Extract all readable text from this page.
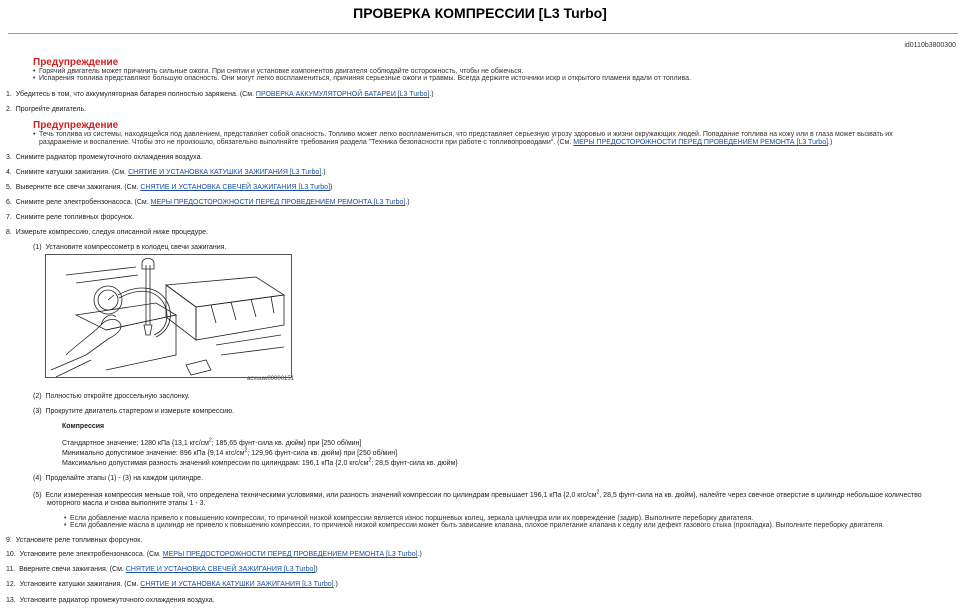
ПРОВЕРКА КОМПРЕССИИ [L3 Turbo]
id0110b3800300
Предупреждение
• Горячий двигатель может причинить сильные ожоги. При снятии и установке компонентов двигателя соблюдайте осторожность, чтобы не обжечься.
• Испарения топлива представляют большую опасность. Они могут легко воспламениться, причиняя серьезные ожоги и травмы. Всегда держите источники искр и открытого пламени вдали от топлива.
1. Убедитесь в том, что аккумуляторная батарея полностью заряжена. (См. ПРОВЕРКА АККУМУЛЯТОРНОЙ БАТАРЕИ [L3 Turbo].)
2. Прогрейте двигатель.
Предупреждение
• Течь топлива из системы, находящейся под давлением, представляет собой опасность. Топливо может легко воспламениться, что представляет серьезную угрозу здоровью и жизни окружающих людей. Попадание топлива на кожу или в глаза может вызвать их
раздражение и воспаление. Чтобы это не произошло, обязательно выполняйте требования раздела "Техника безопасности при работе с топливопроводами". (См. МЕРЫ ПРЕДОСТОРОЖНОСТИ ПЕРЕД ПРОВЕДЕНИЕМ РЕМОНТА [L3 Turbo].)
3. Снимите радиатор промежуточного охлаждения воздуха.
4. Снимите катушки зажигания. (См. СНЯТИЕ И УСТАНОВКА КАТУШКИ ЗАЖИГАНИЯ [L3 Turbo].)
5. Выверните все свечи зажигания. (См. СНЯТИЕ И УСТАНОВКА СВЕЧЕЙ ЗАЖИГАНИЯ [L3 Turbo])
6. Снимите реле электробензонасоса. (См. МЕРЫ ПРЕДОСТОРОЖНОСТИ ПЕРЕД ПРОВЕДЕНИЕМ РЕМОНТА [L3 Turbo].)
7. Снимите реле топливных форсунок.
8. Измерьте компрессию, следуя описанной ниже процедуре.
(1) Установите компрессометр в колодец свечи зажигания.
acxuuw00000151
(2) Полностью откройте дроссельную заслонку.
(3) Прокрутите двигатель стартером и измерьте компрессию.
Компрессия
Стандартное значение: 1280 кПа {13,1 кгс/$см^2$; 185,65 фунт-сила кв. дюйм} при [250 об/мин]
Минимально допустимое значение: 896 кПа {9,14 кгс/$см^2$; 129,96 фунт-сила кв. дюйм} при [250 об/мин]
Максимально допустимая разность значений компрессии по цилиндрам: 196,1 кПа {2,0 кгс/$см^2$; 28,5 фунт-сила кв. дюйм}
(4) Проделайте этапы (1) - (3) на каждом цилиндре.
(5) Если измеренная компрессия меньше той, что определена техническими условиями, или разность значений компрессии по цилиндрам превышает 196,1 кПа {2,0 кгс/$см^2$, 28,5 фунт-сила на кв. дюйм}, налейте через свечное отверстие в цилиндр небольшое количество
моторного масла и снова выполните этапы 1 - 3.
• Если добавление масла привело к повышению компрессии, то причиной низкой компрессии является износ поршневых колец, зеркала цилиндра или их повреждение (задир). Выполните переборку двигателя.
• Если добавление масла в цилиндр не привело к повышению компрессии, то причиной низкой компрессии может быть зависание клапана, плохое прилегание клапана к седлу или дефект газового стыка (прокладка). Выполните переборку двигателя.
9. Установите реле топливных форсунок.
10. Установите реле электробензонасоса. (См. МЕРЫ ПРЕДОСТОРОЖНОСТИ ПЕРЕД ПРОВЕДЕНИЕМ РЕМОНТА [L3 Turbo].)
11. Вверните свечи зажигания. (См. СНЯТИЕ И УСТАНОВКА СВЕЧЕЙ ЗАЖИГАНИЯ [L3 Turbo])
12. Установите катушки зажигания. (См. СНЯТИЕ И УСТАНОВКА КАТУШКИ ЗАЖИГАНИЯ [L3 Turbo].)
13. Установите радиатор промежуточного охлаждения воздуха.
